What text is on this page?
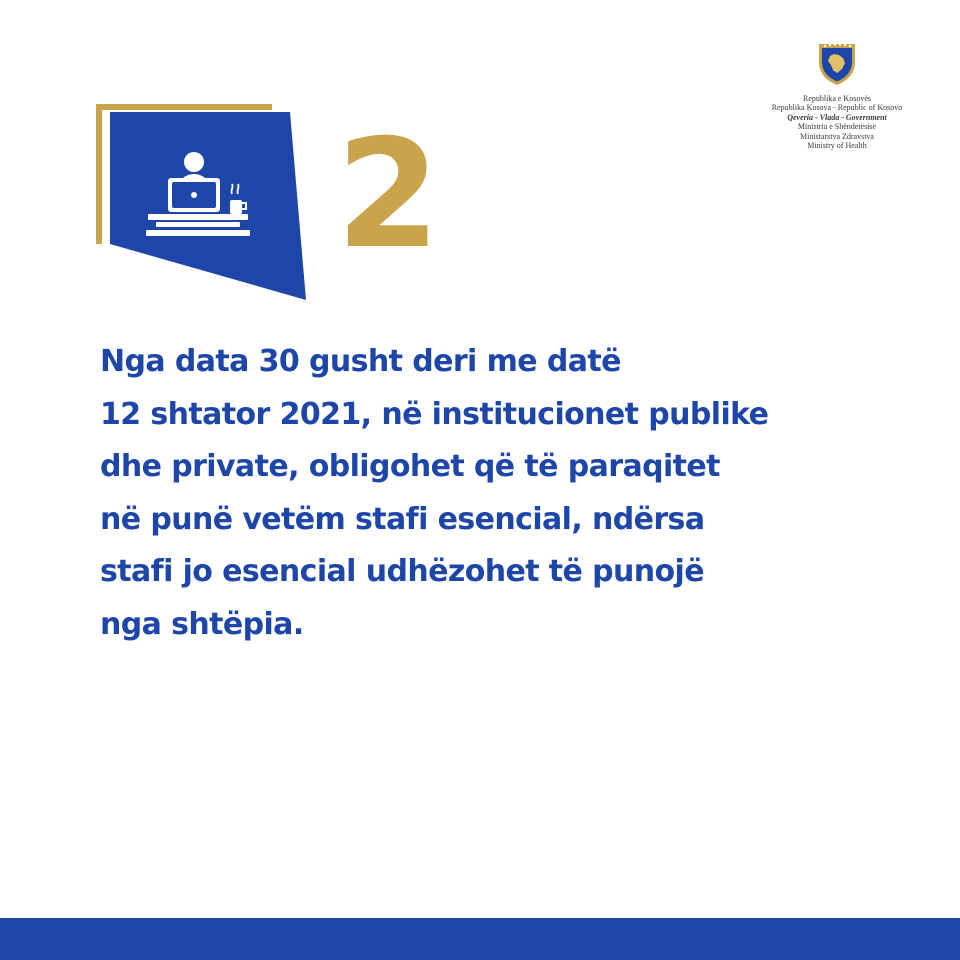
Republika e Kosovës
Republika Kosova - Republic of Kosovo
Qeveria - Vlada - Government
Ministria e Shëndetësisë
Ministarstva Zdravstva
Ministry of Health
2
Nga data 30 gusht deri me datë
12 shtator 2021, në institucionet publike
dhe private, obligohet që të paraqitet
në punë vetëm stafi esencial, ndërsa
stafi jo esencial udhëzohet të punojë
nga shtëpia.
